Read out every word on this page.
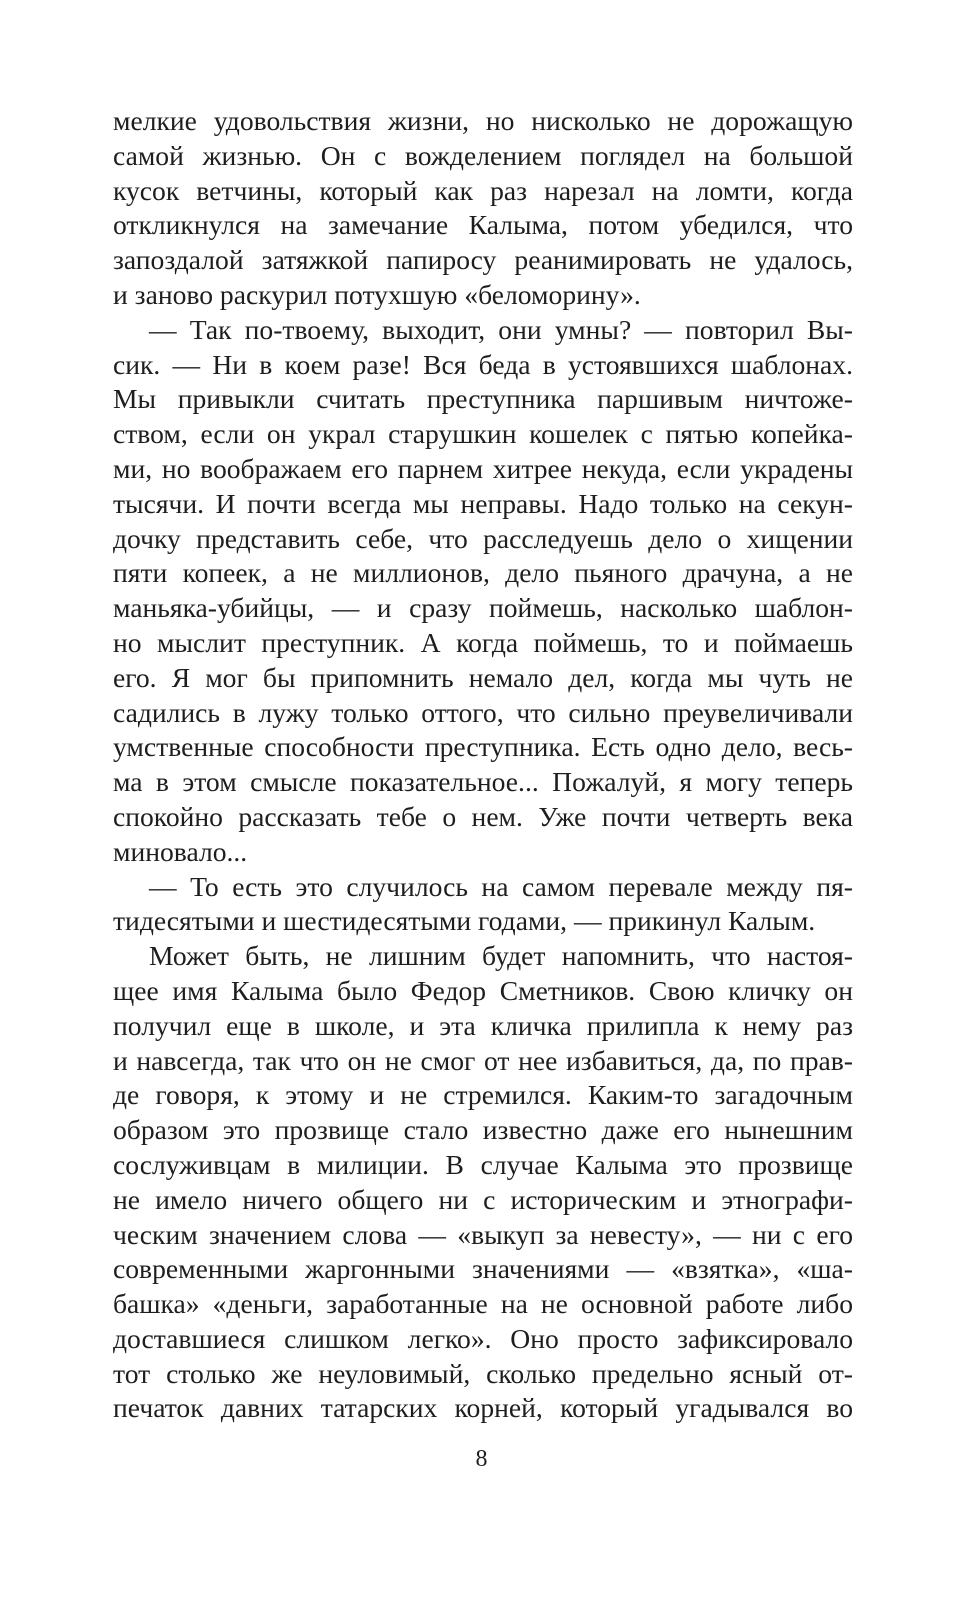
мелкие удовольствия жизни, но нисколько не дорожащую
самой жизнью. Он с вожделением поглядел на большой
кусок ветчины, который как раз нарезал на ломти, когда
откликнулся на замечание Калыма, потом убедился, что
запоздалой затяжкой папиросу реанимировать не удалось,
и заново раскурил потухшую «беломорину».
— Так по-твоему, выходит, они умны? — повторил Вы-
сик. — Ни в коем разе! Вся беда в устоявшихся шаблонах.
Мы привыкли считать преступника паршивым ничтоже-
ством, если он украл старушкин кошелек с пятью копейка-
ми, но воображаем его парнем хитрее некуда, если украдены
тысячи. И почти всегда мы неправы. Надо только на секун-
дочку представить себе, что расследуешь дело о хищении
пяти копеек, а не миллионов, дело пьяного драчуна, а не
маньяка-убийцы, — и сразу поймешь, насколько шаблон-
но мыслит преступник. А когда поймешь, то и поймаешь
его. Я мог бы припомнить немало дел, когда мы чуть не
садились в лужу только оттого, что сильно преувеличивали
умственные способности преступника. Есть одно дело, весь-
ма в этом смысле показательное... Пожалуй, я могу теперь
спокойно рассказать тебе о нем. Уже почти четверть века
миновало...
— То есть это случилось на самом перевале между пя-
тидесятыми и шестидесятыми годами, — прикинул Калым.
Может быть, не лишним будет напомнить, что настоя-
щее имя Калыма было Федор Сметников. Свою кличку он
получил еще в школе, и эта кличка прилипла к нему раз
и навсегда, так что он не смог от нее избавиться, да, по прав-
де говоря, к этому и не стремился. Каким-то загадочным
образом это прозвище стало известно даже его нынешним
сослуживцам в милиции. В случае Калыма это прозвище
не имело ничего общего ни с историческим и этнографи-
ческим значением слова — «выкуп за невесту», — ни с его
современными жаргонными значениями — «взятка», «ша-
башка» «деньги, заработанные на не основной работе либо
доставшиеся слишком легко». Оно просто зафиксировало
тот столько же неуловимый, сколько предельно ясный от-
печаток давних татарских корней, который угадывался во
8
